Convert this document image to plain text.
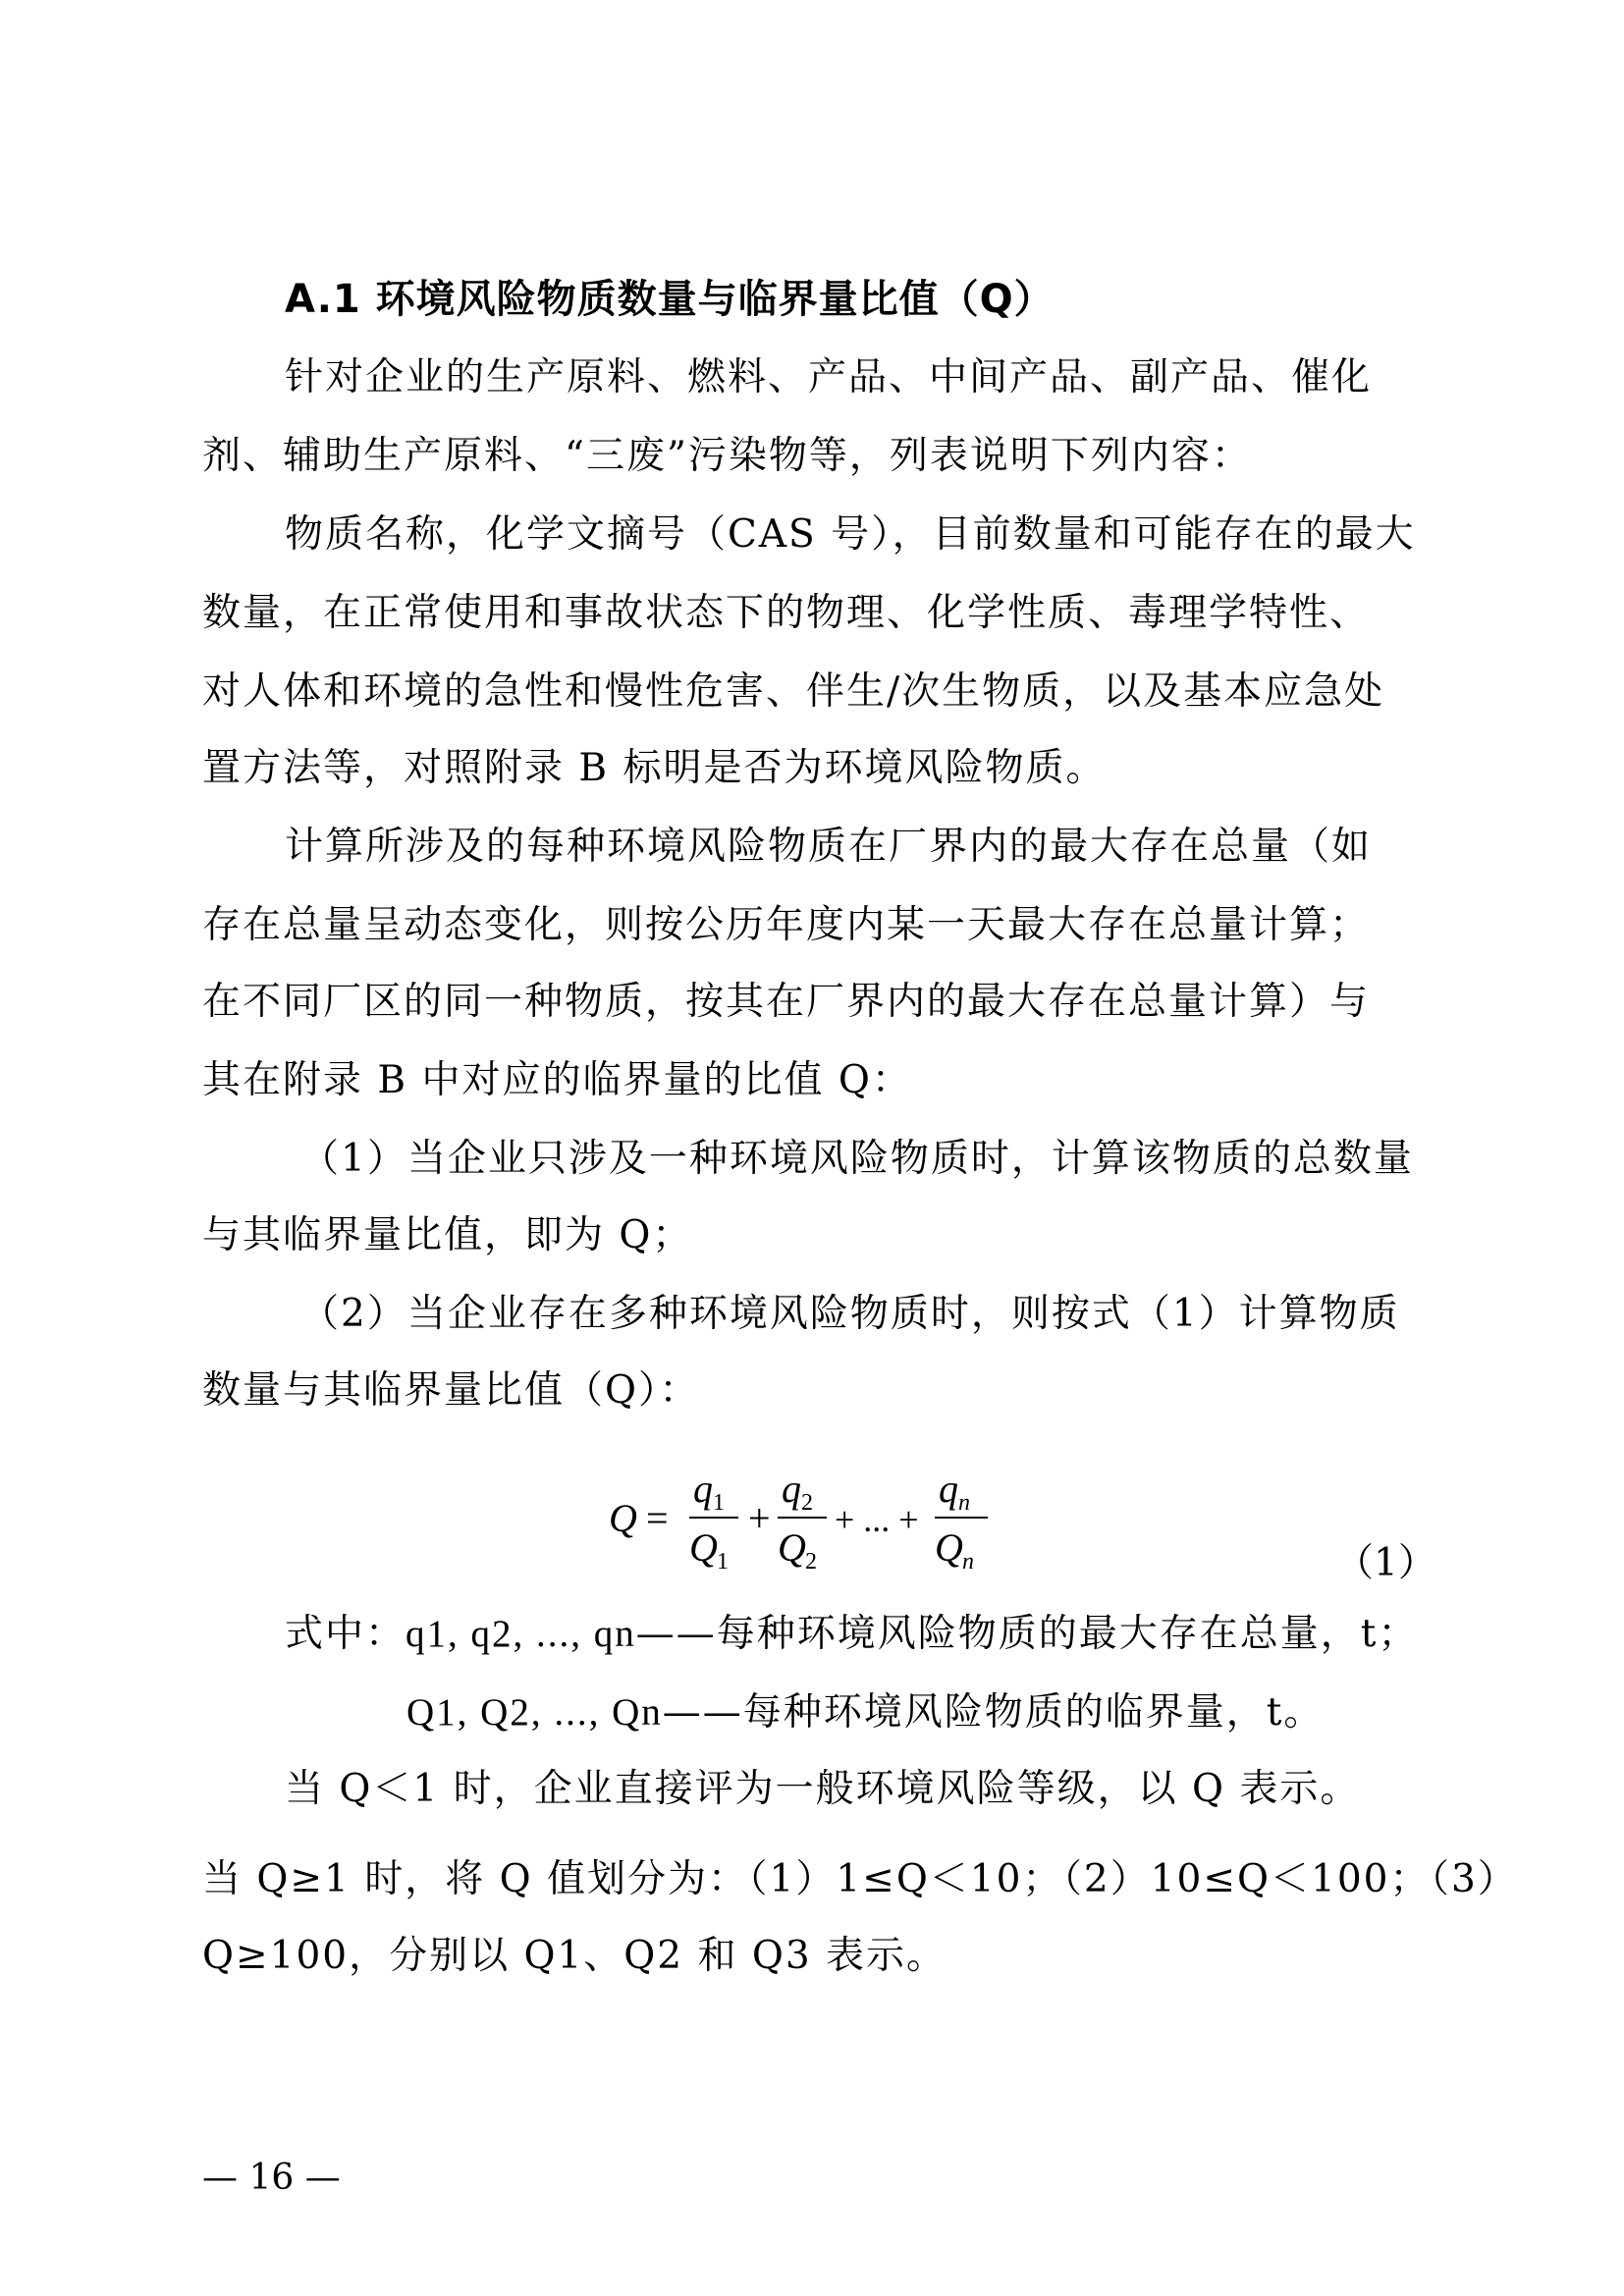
A.1 环境风险物质数量与临界量比值（Q）
针对企业的生产原料、燃料、产品、中间产品、副产品、催化
剂、辅助生产原料、“三废”污染物等，列表说明下列内容：
物质名称，化学文摘号（CAS 号），目前数量和可能存在的最大
数量，在正常使用和事故状态下的物理、化学性质、毒理学特性、
对人体和环境的急性和慢性危害、伴生/次生物质，以及基本应急处
置方法等，对照附录 B 标明是否为环境风险物质。
计算所涉及的每种环境风险物质在厂界内的最大存在总量（如
存在总量呈动态变化，则按公历年度内某一天最大存在总量计算；
在不同厂区的同一种物质，按其在厂界内的最大存在总量计算）与
其在附录 B 中对应的临界量的比值 Q：
（1）当企业只涉及一种环境风险物质时，计算该物质的总数量
与其临界量比值，即为 Q；
（2）当企业存在多种环境风险物质时，则按式（1）计算物质
数量与其临界量比值（Q）：
Q =
q 1
Q 1
+
q 2
Q 2
+ ... +
q n
Q n	（1）
式中：q1, q2, ..., qn——每种环境风险物质的最大存在总量，t；
Q1, Q2, ..., Qn——每种环境风险物质的临界量，t。
当 Q＜1 时，企业直接评为一般环境风险等级，以 Q 表示。
当 Q≥1 时，将 Q 值划分为：（1）1≤Q＜10；（2）10≤Q＜100；（3）
Q≥100，分别以 Q1、Q2 和 Q3 表示。
— 16 —
